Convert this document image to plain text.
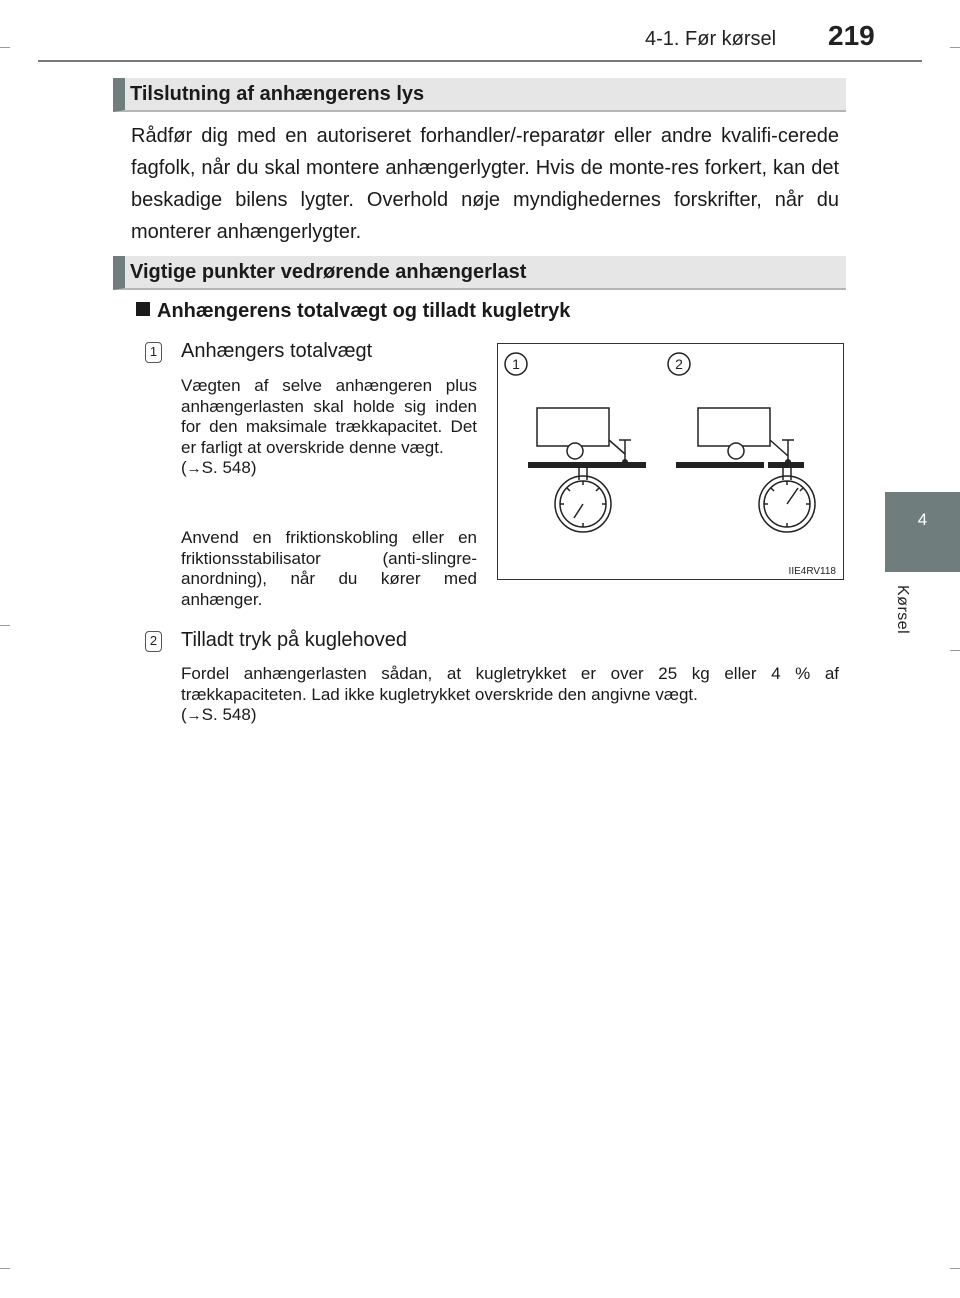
4-1. Før kørsel 219
4
Kørsel
Tilslutning af anhængerens lys

Rådfør dig med en autoriseret forhandler/-reparatør eller andre kvalifi-cerede fagfolk, når du skal montere anhængerlygter. Hvis de monte-res forkert, kan det beskadige bilens lygter. Overhold nøje myndighedernes forskrifter, når du monterer anhængerlygter.

Vigtige punkter vedrørende anhængerlast
Anhængerens totalvægt og tilladt kugletryk
1 Anhængers totalvægt

Vægten af selve anhængeren plus anhængerlasten skal holde sig inden for den maksimale trækkapacitet. Det er farligt at overskride denne vægt.
(→S. 548)

Anvend en friktionskobling eller en friktionsstabilisator (anti-slingre-anordning), når du kører med anhænger.

1	2
IIE4RV118
2 Tilladt tryk på kuglehoved

Fordel anhængerlasten sådan, at kugletrykket er over 25 kg eller 4 % af trækkapaciteten. Lad ikke kugletrykket overskride den angivne vægt.
(→S. 548)
